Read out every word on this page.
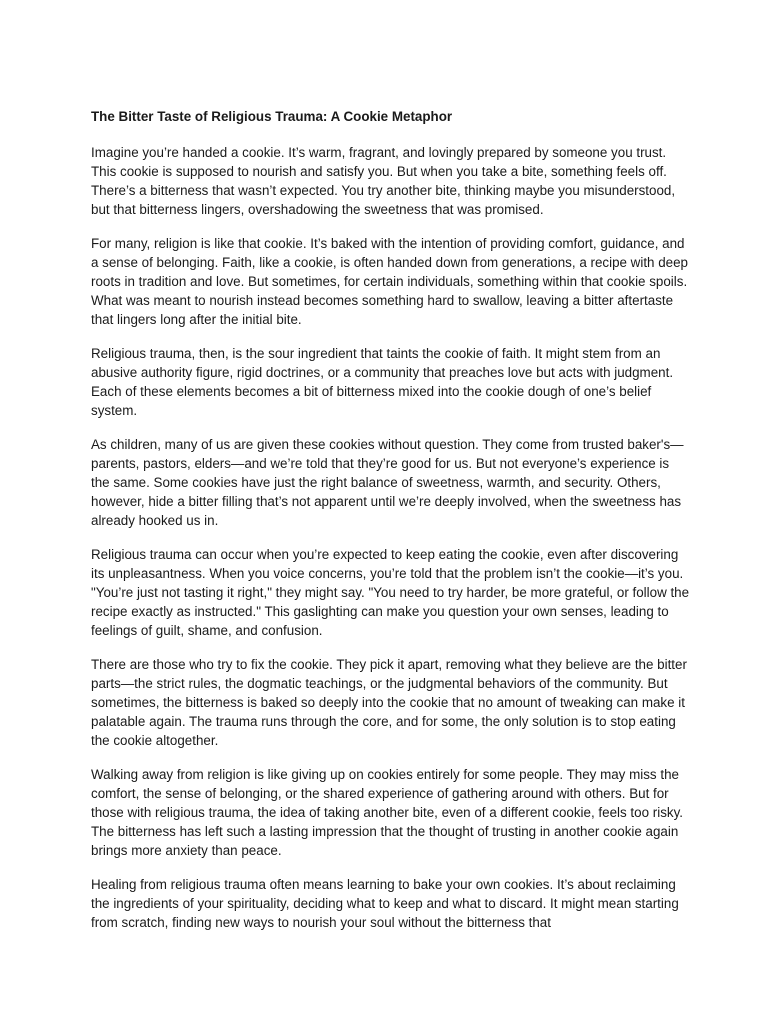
The Bitter Taste of Religious Trauma: A Cookie Metaphor

Imagine you’re handed a cookie. It’s warm, fragrant, and lovingly prepared by someone you trust. This cookie is supposed to nourish and satisfy you. But when you take a bite, something feels off. There’s a bitterness that wasn’t expected. You try another bite, thinking maybe you misunderstood, but that bitterness lingers, overshadowing the sweetness that was promised.

For many, religion is like that cookie. It’s baked with the intention of providing comfort, guidance, and a sense of belonging. Faith, like a cookie, is often handed down from generations, a recipe with deep roots in tradition and love. But sometimes, for certain individuals, something within that cookie spoils. What was meant to nourish instead becomes something hard to swallow, leaving a bitter aftertaste that lingers long after the initial bite.

Religious trauma, then, is the sour ingredient that taints the cookie of faith. It might stem from an abusive authority figure, rigid doctrines, or a community that preaches love but acts with judgment. Each of these elements becomes a bit of bitterness mixed into the cookie dough of one’s belief system.

As children, many of us are given these cookies without question. They come from trusted baker's—parents, pastors, elders—and we’re told that they’re good for us. But not everyone’s experience is the same. Some cookies have just the right balance of sweetness, warmth, and security. Others, however, hide a bitter filling that’s not apparent until we’re deeply involved, when the sweetness has already hooked us in.

Religious trauma can occur when you’re expected to keep eating the cookie, even after discovering its unpleasantness. When you voice concerns, you’re told that the problem isn’t the cookie—it’s you. "You’re just not tasting it right," they might say. "You need to try harder, be more grateful, or follow the recipe exactly as instructed." This gaslighting can make you question your own senses, leading to feelings of guilt, shame, and confusion.

There are those who try to fix the cookie. They pick it apart, removing what they believe are the bitter parts—the strict rules, the dogmatic teachings, or the judgmental behaviors of the community. But sometimes, the bitterness is baked so deeply into the cookie that no amount of tweaking can make it palatable again. The trauma runs through the core, and for some, the only solution is to stop eating the cookie altogether.

Walking away from religion is like giving up on cookies entirely for some people. They may miss the comfort, the sense of belonging, or the shared experience of gathering around with others. But for those with religious trauma, the idea of taking another bite, even of a different cookie, feels too risky. The bitterness has left such a lasting impression that the thought of trusting in another cookie again brings more anxiety than peace.

Healing from religious trauma often means learning to bake your own cookies. It’s about reclaiming the ingredients of your spirituality, deciding what to keep and what to discard. It might mean starting from scratch, finding new ways to nourish your soul without the bitterness that
